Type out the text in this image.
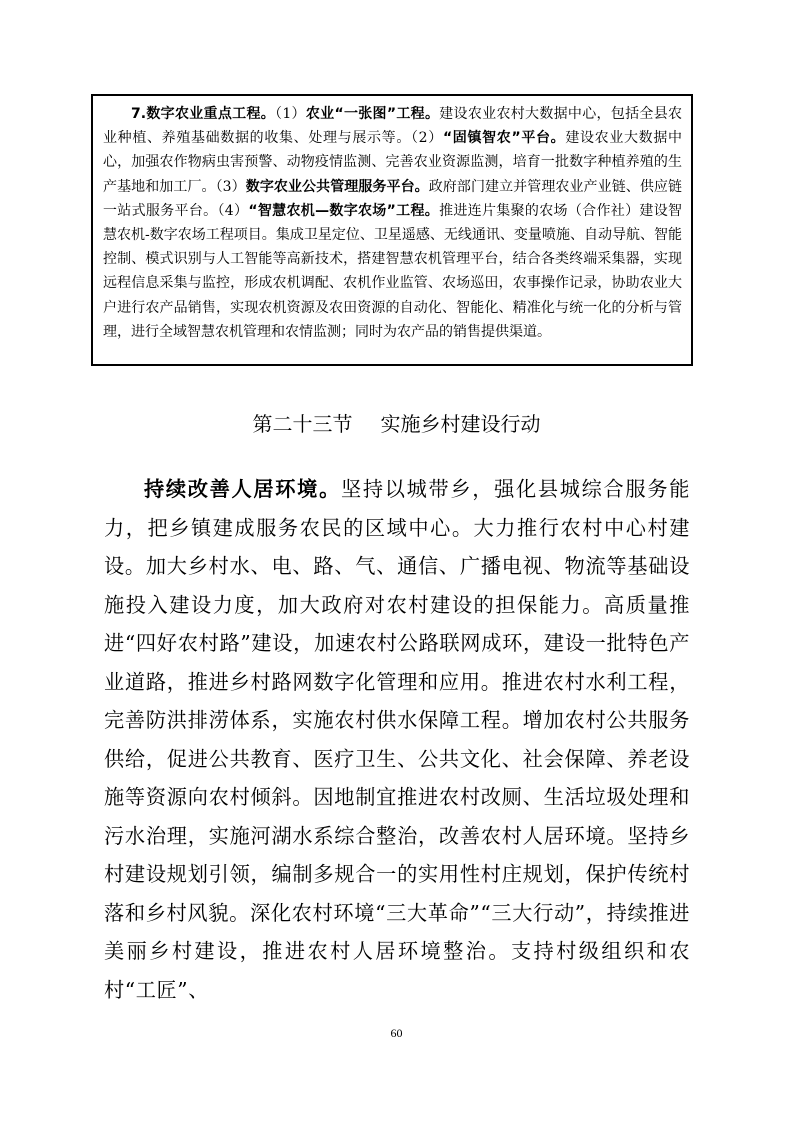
7.数字农业重点工程。（1）农业“一张图”工程。建设农业农村大数据中心，包括全县农业种植、养殖基础数据的收集、处理与展示等。（2）“固镇智农”平台。建设农业大数据中心，加强农作物病虫害预警、动物疫情监测、完善农业资源监测，培育一批数字种植养殖的生产基地和加工厂。（3）数字农业公共管理服务平台。政府部门建立并管理农业产业链、供应链一站式服务平台。（4）“智慧农机—数字农场”工程。推进连片集聚的农场（合作社）建设智慧农机-数字农场工程项目。集成卫星定位、卫星遥感、无线通讯、变量喷施、自动导航、智能控制、模式识别与人工智能等高新技术，搭建智慧农机管理平台，结合各类终端采集器，实现远程信息采集与监控，形成农机调配、农机作业监管、农场巡田，农事操作记录，协助农业大户进行农产品销售，实现农机资源及农田资源的自动化、智能化、精准化与统一化的分析与管理，进行全域智慧农机管理和农情监测；同时为农产品的销售提供渠道。
第二十三节 实施乡村建设行动
持续改善人居环境。坚持以城带乡，强化县城综合服务能力，把乡镇建成服务农民的区域中心。大力推行农村中心村建设。加大乡村水、电、路、气、通信、广播电视、物流等基础设施投入建设力度，加大政府对农村建设的担保能力。高质量推进“四好农村路”建设，加速农村公路联网成环，建设一批特色产业道路，推进乡村路网数字化管理和应用。推进农村水利工程，完善防洪排涝体系，实施农村供水保障工程。增加农村公共服务供给，促进公共教育、医疗卫生、公共文化、社会保障、养老设施等资源向农村倾斜。因地制宜推进农村改厕、生活垃圾处理和污水治理，实施河湖水系综合整治，改善农村人居环境。坚持乡村建设规划引领，编制多规合一的实用性村庄规划，保护传统村落和乡村风貌。深化农村环境“三大革命”“三大行动”，持续推进美丽乡村建设，推进农村人居环境整治。支持村级组织和农村“工匠”、
60
